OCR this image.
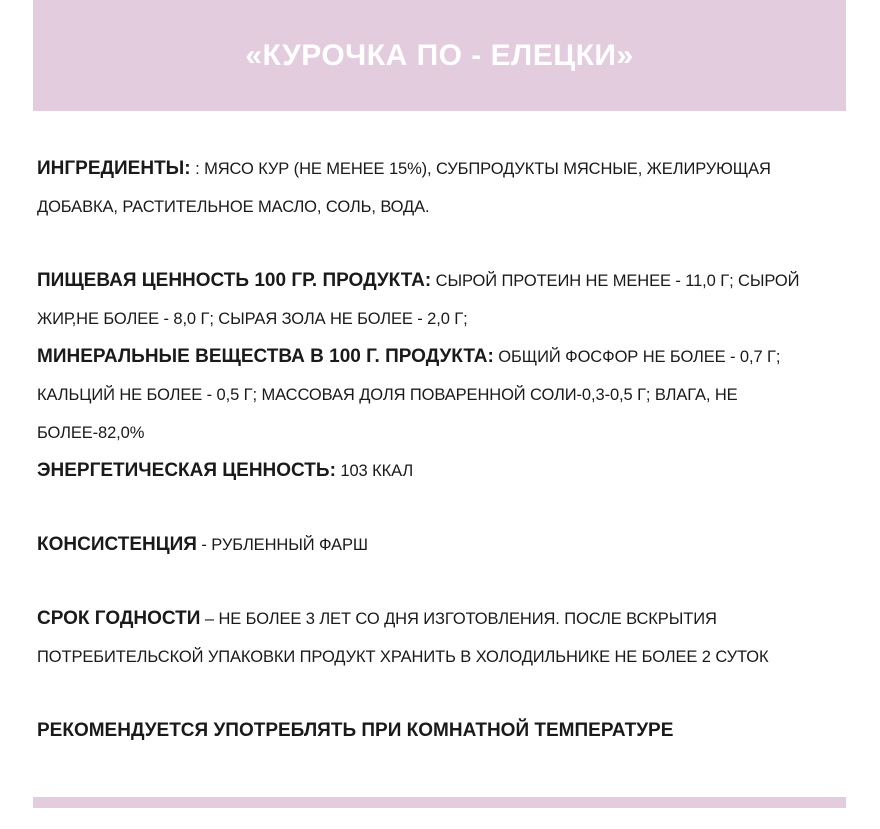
«КУРОЧКА ПО - ЕЛЕЦКИ»
ИНГРЕДИЕНТЫ: : МЯСО КУР (НЕ МЕНЕЕ 15%), СУБПРОДУКТЫ МЯСНЫЕ, ЖЕЛИРУЮЩАЯ ДОБАВКА, РАСТИТЕЛЬНОЕ МАСЛО, СОЛЬ, ВОДА.
ПИЩЕВАЯ ЦЕННОСТЬ 100 ГР. ПРОДУКТА: СЫРОЙ ПРОТЕИН НЕ МЕНЕЕ - 11,0 Г; СЫРОЙ ЖИР,НЕ БОЛЕЕ - 8,0 Г; СЫРАЯ ЗОЛА НЕ БОЛЕЕ - 2,0 Г;
МИНЕРАЛЬНЫЕ ВЕЩЕСТВА В 100 Г. ПРОДУКТА: ОБЩИЙ ФОСФОР НЕ БОЛЕЕ - 0,7 Г; КАЛЬЦИЙ НЕ БОЛЕЕ - 0,5 Г; МАССОВАЯ ДОЛЯ ПОВАРЕННОЙ СОЛИ-0,3-0,5 Г; ВЛАГА, НЕ БОЛЕЕ-82,0%
ЭНЕРГЕТИЧЕСКАЯ ЦЕННОСТЬ: 103 ККАЛ
КОНСИСТЕНЦИЯ - РУБЛЕННЫЙ ФАРШ
СРОК ГОДНОСТИ – НЕ БОЛЕЕ 3 ЛЕТ СО ДНЯ ИЗГОТОВЛЕНИЯ. ПОСЛЕ ВСКРЫТИЯ ПОТРЕБИТЕЛЬСКОЙ УПАКОВКИ ПРОДУКТ ХРАНИТЬ В ХОЛОДИЛЬНИКЕ НЕ БОЛЕЕ 2 СУТОК
РЕКОМЕНДУЕТСЯ УПОТРЕБЛЯТЬ ПРИ КОМНАТНОЙ ТЕМПЕРАТУРЕ
